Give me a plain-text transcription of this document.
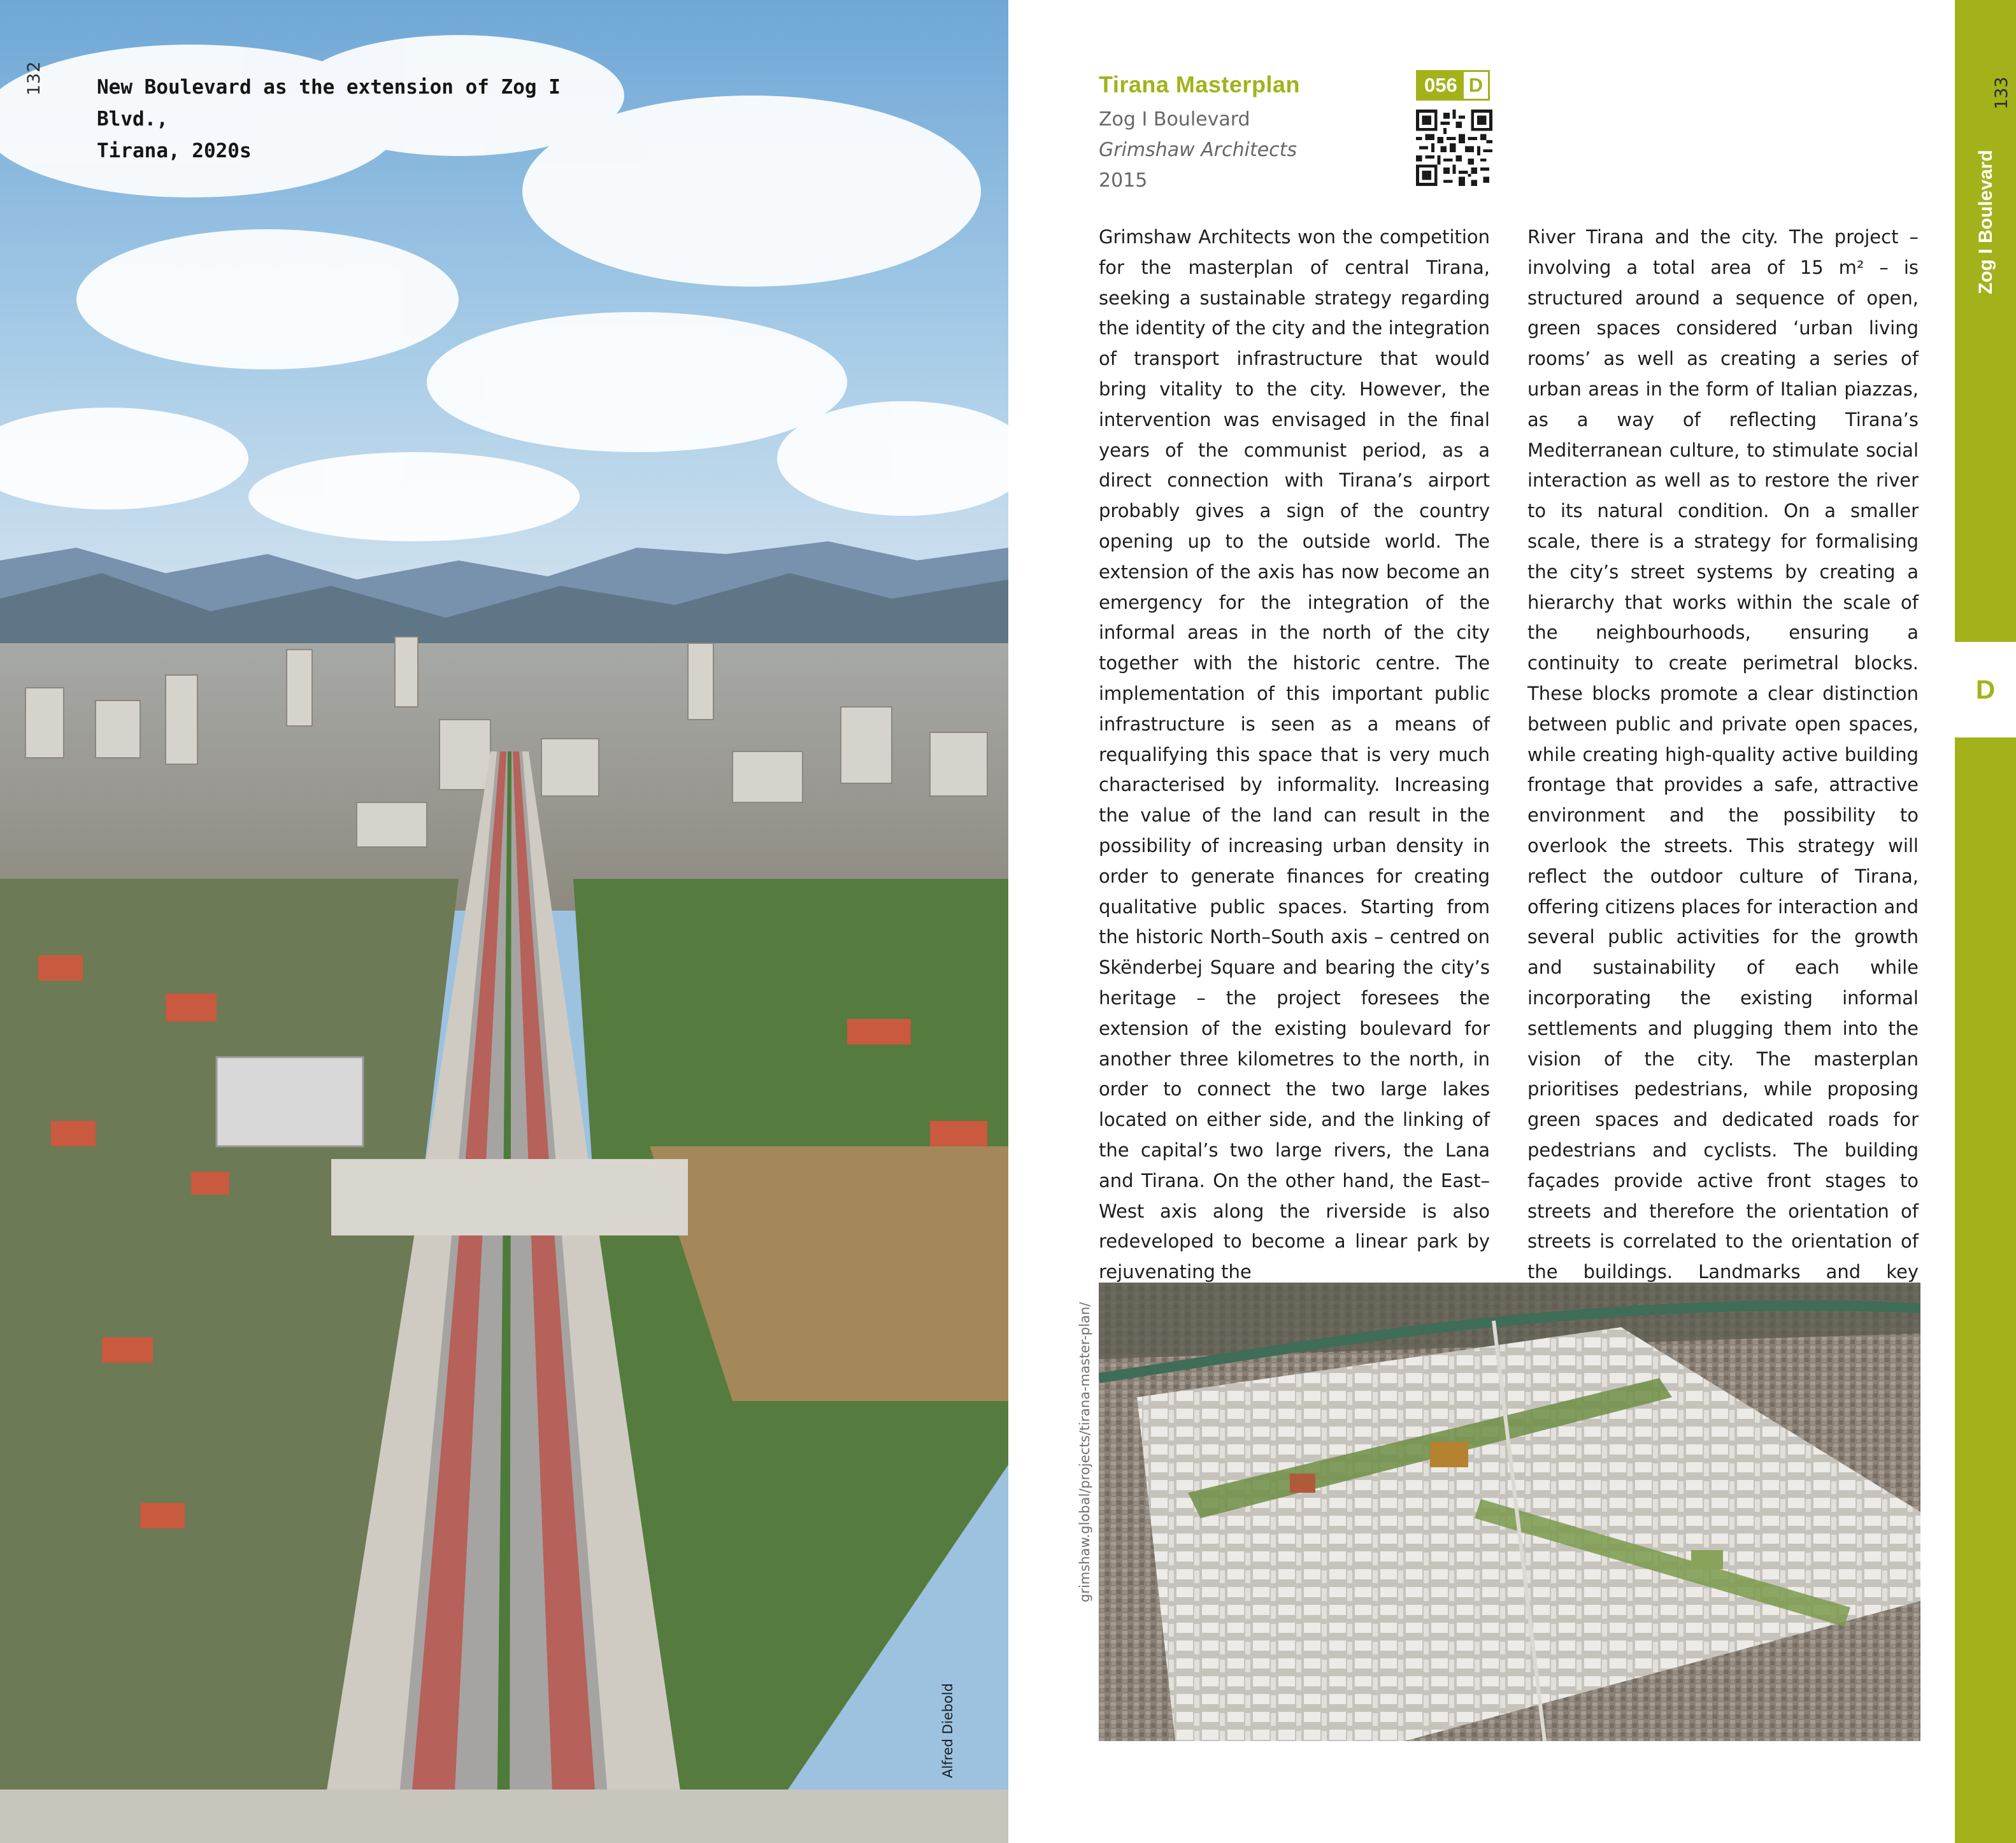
132	New Boulevard as the extension of Zog I Blvd.,
Tirana, 2020s

Alfred Diebold
Tirana Masterplan

Zog I Boulevard

Grimshaw Architects

2015

056 D

Grimshaw Architects won the competition for the masterplan of central Tirana, seeking a sustainable strategy regarding the identity of the city and the integration of transport infrastructure that would bring vitality to the city. However, the intervention was envisaged in the final years of the communist period, as a direct connection with Tirana’s airport probably gives a sign of the country opening up to the outside world. The extension of the axis has now become an emergency for the integration of the informal areas in the north of the city together with the historic centre. The implementation of this important public infrastructure is seen as a means of requalifying this space that is very much characterised by informality. Increasing the value of the land can result in the possibility of increasing urban density in order to generate finances for creating qualitative public spaces. Starting from the historic North–South axis – centred on Skënderbej Square and bearing the city’s heritage – the project foresees the extension of the existing boulevard for another three kilometres to the north, in order to connect the two large lakes located on either side, and the linking of the capital’s two large rivers, the Lana and Tirana. On the other hand, the East–West axis along the riverside is also redeveloped to become a linear park by rejuvenating the

River Tirana and the city. The project – involving a total area of 15 m² – is structured around a sequence of open, green spaces considered ‘urban living rooms’ as well as creating a series of urban areas in the form of Italian piazzas, as a way of reflecting Tirana’s Mediterranean culture, to stimulate social interaction as well as to restore the river to its natural condition. On a smaller scale, there is a strategy for formalising the city’s street systems by creating a hierarchy that works within the scale of the neighbourhoods, ensuring a continuity to create perimetral blocks. These blocks promote a clear distinction between public and private open spaces, while creating high-quality active building frontage that provides a safe, attractive environment and the possibility to overlook the streets. This strategy will reflect the outdoor culture of Tirana, offering citizens places for interaction and several public activities for the growth and sustainability of each while incorporating the existing informal settlements and plugging them into the vision of the city. The masterplan prioritises pedestrians, while proposing green spaces and dedicated roads for pedestrians and cyclists. The building façades provide active front stages to streets and therefore the orientation of streets is correlated to the orientation of the buildings. Landmarks and key

grimshaw.global/projects/tirana-master-plan/
133
Zog I Boulevard
D
